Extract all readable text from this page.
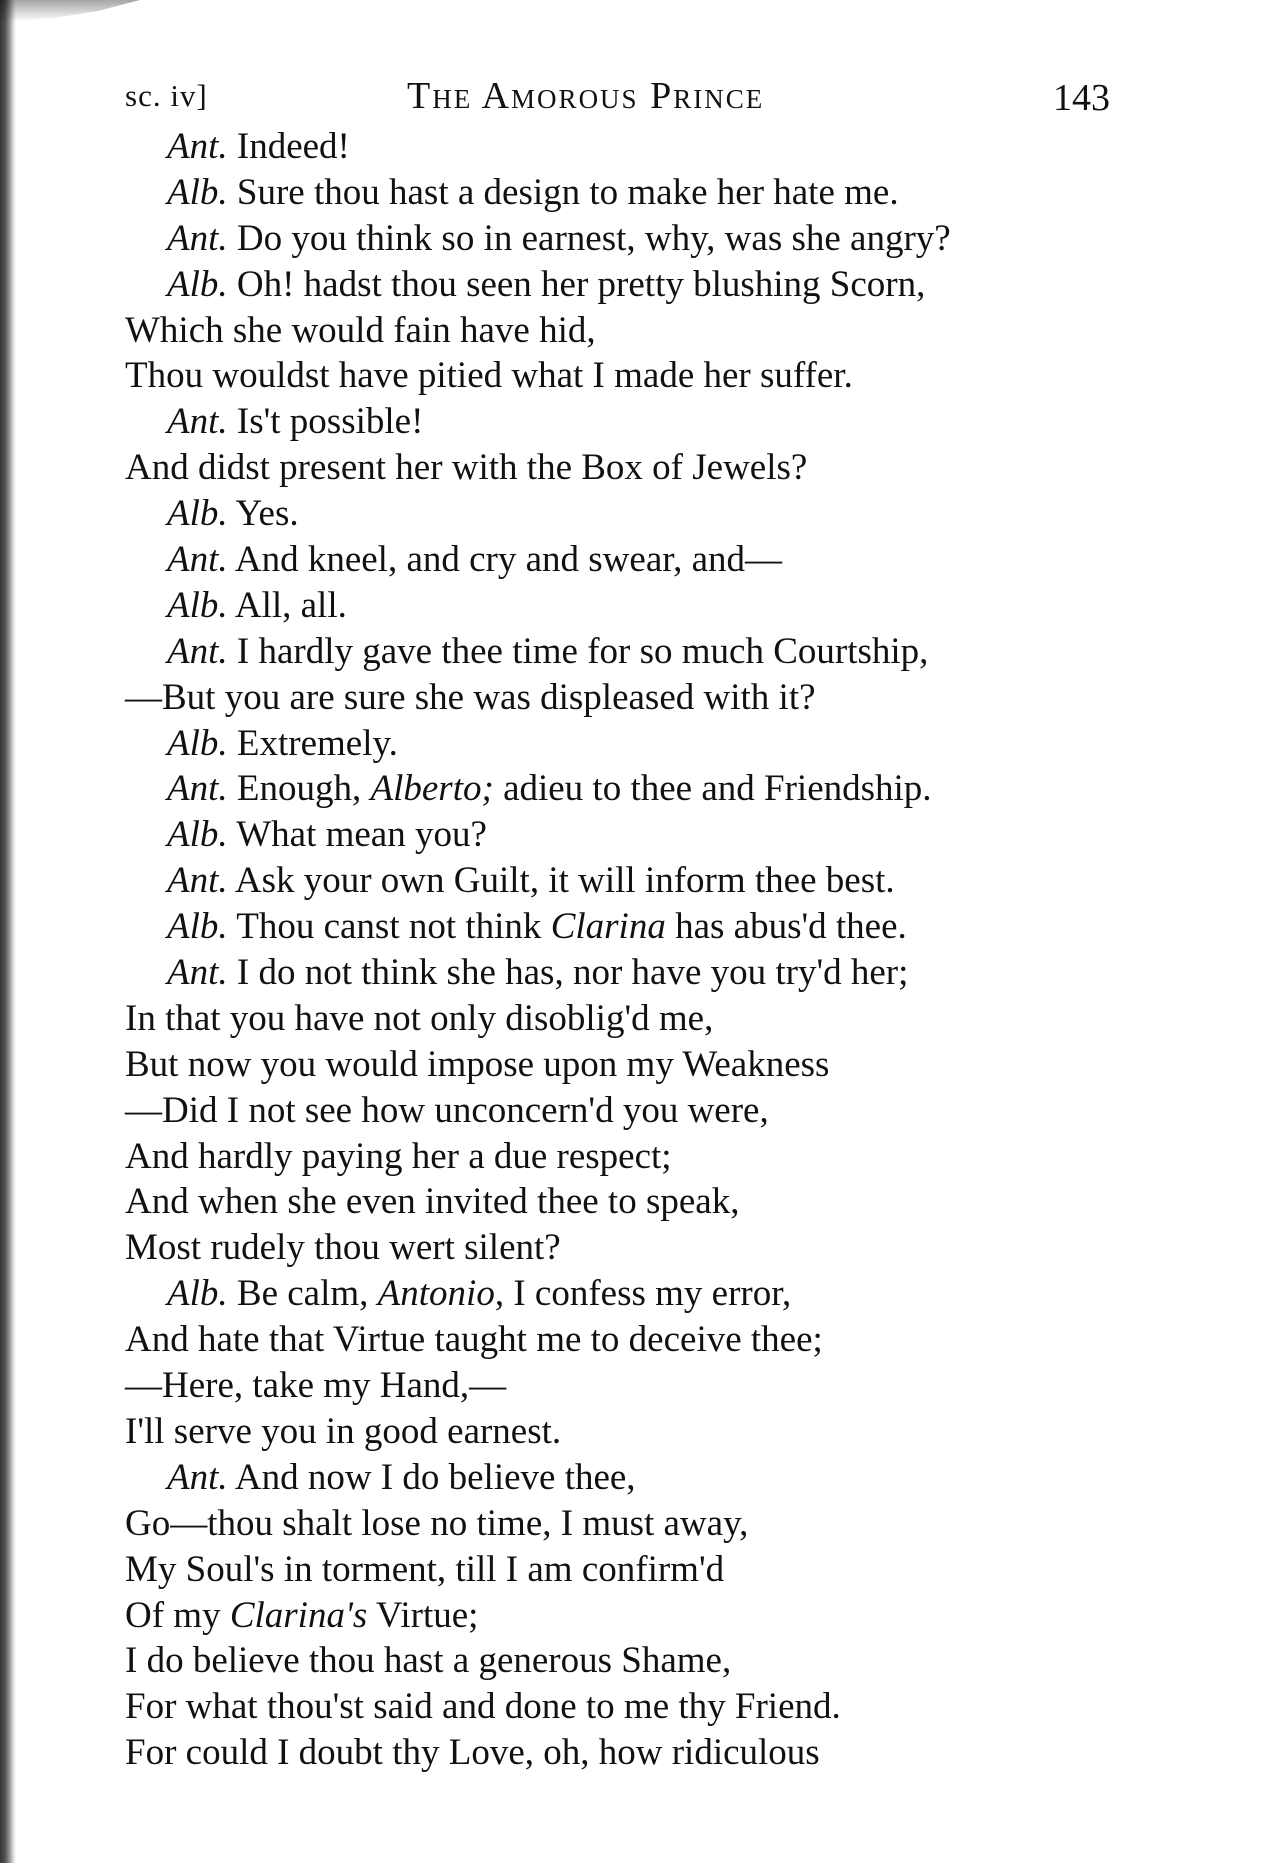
sc. iv]	The Amorous Prince	143
Ant. Indeed!
Alb. Sure thou hast a design to make her hate me.
Ant. Do you think so in earnest, why, was she angry?
Alb. Oh! hadst thou seen her pretty blushing Scorn,
Which she would fain have hid,
Thou wouldst have pitied what I made her suffer.
Ant. Is't possible!
And didst present her with the Box of Jewels?
Alb. Yes.
Ant. And kneel, and cry and swear, and—
Alb. All, all.
Ant. I hardly gave thee time for so much Courtship,
—But you are sure she was displeased with it?
Alb. Extremely.
Ant. Enough, Alberto; adieu to thee and Friendship.
Alb. What mean you?
Ant. Ask your own Guilt, it will inform thee best.
Alb. Thou canst not think Clarina has abus'd thee.
Ant. I do not think she has, nor have you try'd her;
In that you have not only disoblig'd me,
But now you would impose upon my Weakness
—Did I not see how unconcern'd you were,
And hardly paying her a due respect;
And when she even invited thee to speak,
Most rudely thou wert silent?
Alb. Be calm, Antonio, I confess my error,
And hate that Virtue taught me to deceive thee;
—Here, take my Hand,—
I'll serve you in good earnest.
Ant. And now I do believe thee,
Go—thou shalt lose no time, I must away,
My Soul's in torment, till I am confirm'd
Of my Clarina's Virtue;
I do believe thou hast a generous Shame,
For what thou'st said and done to me thy Friend.
For could I doubt thy Love, oh, how ridiculous
